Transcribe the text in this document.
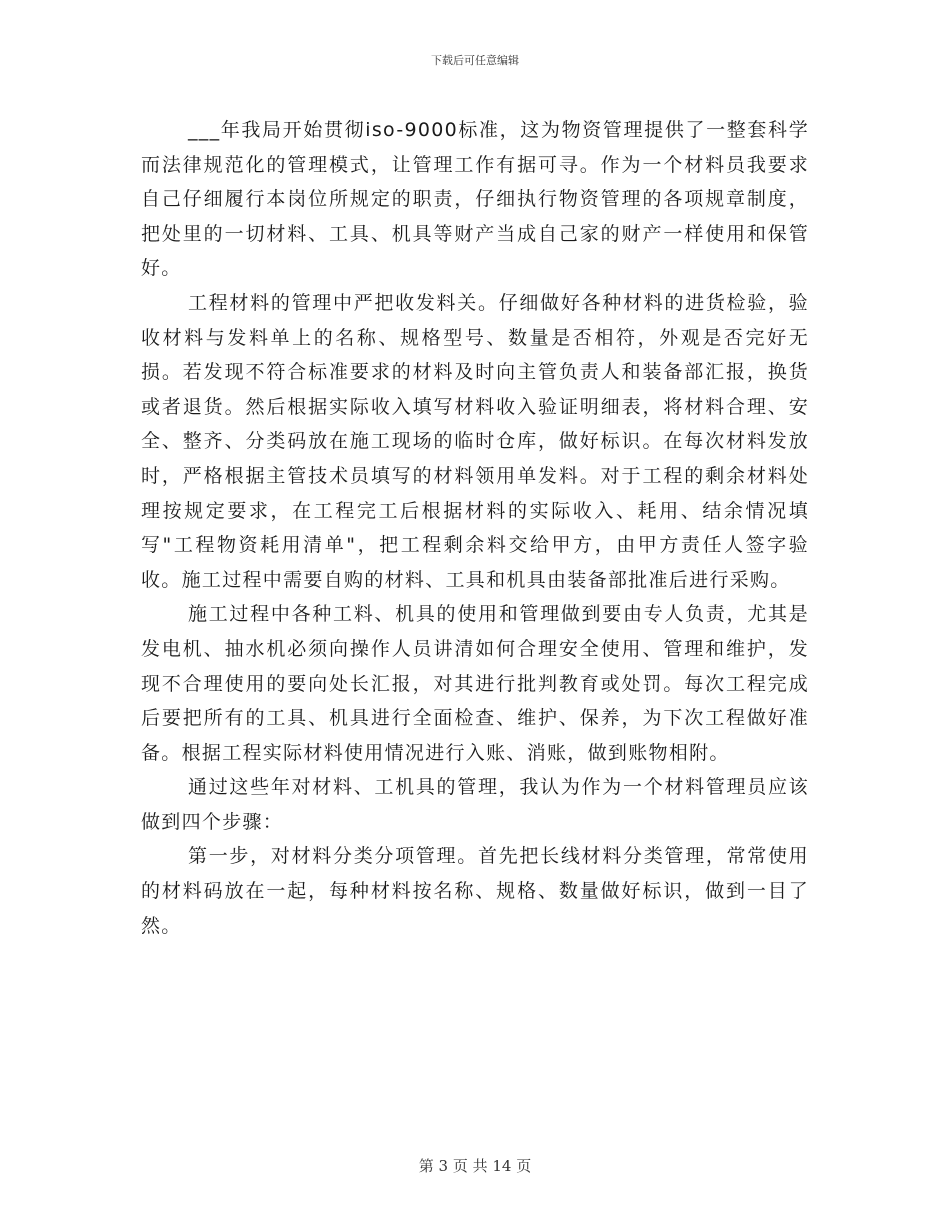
下载后可任意编辑

___年我局开始贯彻iso-9000标准，这为物资管理提供了一整套科学而法律规范化的管理模式，让管理工作有据可寻。作为一个材料员我要求自己仔细履行本岗位所规定的职责，仔细执行物资管理的各项规章制度，把处里的一切材料、工具、机具等财产当成自己家的财产一样使用和保管好。

工程材料的管理中严把收发料关。仔细做好各种材料的进货检验，验收材料与发料单上的名称、规格型号、数量是否相符，外观是否完好无损。若发现不符合标准要求的材料及时向主管负责人和装备部汇报，换货或者退货。然后根据实际收入填写材料收入验证明细表，将材料合理、安全、整齐、分类码放在施工现场的临时仓库，做好标识。在每次材料发放时，严格根据主管技术员填写的材料领用单发料。对于工程的剩余材料处理按规定要求，在工程完工后根据材料的实际收入、耗用、结余情况填写"工程物资耗用清单"，把工程剩余料交给甲方，由甲方责任人签字验收。施工过程中需要自购的材料、工具和机具由装备部批准后进行采购。

施工过程中各种工料、机具的使用和管理做到要由专人负责，尤其是发电机、抽水机必须向操作人员讲清如何合理安全使用、管理和维护，发现不合理使用的要向处长汇报，对其进行批判教育或处罚。每次工程完成后要把所有的工具、机具进行全面检查、维护、保养，为下次工程做好准备。根据工程实际材料使用情况进行入账、消账，做到账物相附。

通过这些年对材料、工机具的管理，我认为作为一个材料管理员应该做到四个步骤：

第一步，对材料分类分项管理。首先把长线材料分类管理，常常使用的材料码放在一起，每种材料按名称、规格、数量做好标识，做到一目了然。

第 3 页 共 14 页
